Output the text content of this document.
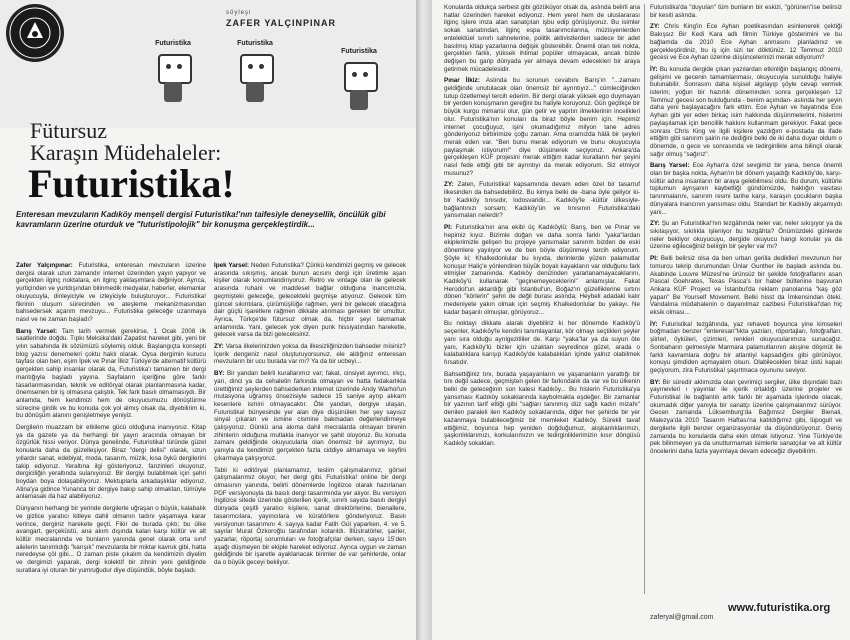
söyleşi
ZAFER YALÇINPINAR
Futuristika	Futuristika
Futuristika
Fütursuz
Karaşın Müdehaleler:
Futuristika!

Enteresan mevzuların Kadıköy menşeli dergisi Futuristika!'nın taifesiyle deneysellik, öncülük gibi kavramların üzerine oturduk ve "futuristipolojik" bir konuşma gerçekleştirdik...

Zafer Yalçınpınar: Futuristika, enteresan mevzuların üzerine dergisi olarak uzun zamandır internet üzerinden yayın yapıyor ve gerçekten ilginç noktalara, en ilginç yaklaşımlara değiniyor. Ayrıca, yurtiçinden ve yurtdışından bilinmedik medyalar, haberler, elemanlar okuyucuyla, dinleyiciyle ve izleyiciyle buluşturuyor... Futuristika! fikrinin oluşum sürecinden ve ateşleme mekanizmasından bahsedersek açarım mevzuyu... Futuristika geleceğe uzanmaya nasıl ve ne zaman başladı?

Barış Yarsel: Tam tarih vermek gerekirse, 1 Ocak 2008 ilk saatlerinde doğdu. Tıpkı Meksika'daki Zapatist hareket gibi, yeni bir yılın sabahında ilk sözümüzü söylemiş olduk. Başlangıçta konsepti blog yazısı denemeleri çoktu haklı olarak. Oysa dergimin kurucu tayfası olan ben, eşim İpek ve Pınar İlkiz Türkiye'de alternatif kültürü gerçekten sahip insanlar olarak da, Futuristika'ı tamamen bir dergi mantığıyla başladı yayına. Sayfaların içeriğine göre farklı tasarlanmasından, teknik ve editöryal olarak planlanmasına kadar, önemsenen bir iş olmasına çalıştık. Tek fark basılı olmamasıydı. Bir anlamda, hem kendimizi hem de okuyucumuzu dönüştürme sürecine girdik ve bu konuda çok yol almış olsak da, diyebilirim ki, bu dönüşüm alanını genişletmeye yeniyiz.

Dergilerin muazzam bir etkileme gücü olduğuna inanıyoruz. Kitap ya da gazete ya da herhangi bir yayın aracında olmayan bir özgürlük hissi veriyor. Dünya genelinde, Futuristika! türünde güzel konularla daha da güzelleşiyor. Biraz "dergi delisi" olarak, uzun yıllardır sanat, edebiyat, moda, tasarım, müzik, kısa öykü dergilerini takip ediyoruz. Yeraltına ilgi gösteriyoruz, fanzinleri okuyoruz, dergiciliğin yeraltında sulanıyoruz. Bir dergiyi bulabilmek için şehri boydan boya dolaşabiliyoruz. Mektuplarla arkadaşlıklar ediyoruz, Atina'ya gidince Yunanca bir dergiye bakıp sahip olmaktan, tümüyle anlamasak da haz alabiliyoruz.

Dünyanın herhangi bir yerinde dergilerle uğraşan o büyük, kalabalık ve gizlice yaratıcı kitleye dahil olmanın tadını yaşamaya karar verince, derginiz harekete geçti. Fikir de burada çıktı; bu ülke avangart, gerçeküstü, ana akım dışında kalan karşı kültür ve alt kültür mecralarında ve bunların yanında genel olarak orta sınıf ailelerin tanımlıdığı "karışık" mevzularda bir miktar kavruk gibi, hatta neredeyse çöl gibi... O zaman piste çıkalım da kendimizin diyelim ve dergimizi yaparak, dergi kolektif bir zihnin yeni geldiğinde suratlara iyi oturan bir yumruğudur diye düşündük, böyle başladı.

İpek Yarsel: Neden Futuristika? Çünkü kendimizi geçmiş ve gelecek arasında sıkışmış, ancak bunun acısını dergi için üretimle aşan kişiler olarak konumlandırıyoruz. Retro ve vintage olan ile gelecek arasında ruhani ve maddesel bağlar olduğuna inancımızla, geçmişteki geleceğe, gelecekteki geçmişe atıyoruz. Gelecek tüm güncel sıkıntılara, çürümüşlüğe rağmen, yeni bir gelecek olacağına dair güçlü işaretlere rağmen dikkate alınması gereken bir umuttur. Ayrıca, Türkçe'de fütursuz olmak da, hiçbir şeyi takmamak anlamında. Yani, gelecek yok diyen punk hissiyatından hareketle, gelecek varsa da bizi geleceksiniz.

ZY: Varsa ilkelerinizden yoksa da ilkesizliğinizden bahseder misiniz? İçerik dengeniz nasıl oluşturuyorsunuz, ele aldığınız enteresan mevzuların bir ucu burada var mı? Ya da bir ucbeyi...

BY: Bir yandan belirli kurallarımız var; fakat, cinsiyet ayrımcı, ırkçı, yarı, dinci ya da cehaletin farkında olmayan ve hatta fedakarlıkla ürettiğimiz şeylerden bahsederken internet üzerinde Andy Warhol'un mutasyona uğramış önsezisiyle sadece 15 saniye ayrıp alıkarn kesenlere ismini olmayacaktır. Öte yandan, dergiye ulaşan, Futuristika! bünyesinde yer alan diye düşünülen her şey sayısız sinyal çıkaran ve ismine cismine bakmadan değerlendirmeye çalışıyoruz. Günkü ana akıma dahil mecralarda olmayan birenin zihinlerin olduğuna mutlakla inanıyor ve şahit oluyoruz. Bu konuda zamanı geldiğinde okuyucularla olan önemsiz bir ayrımıyız, bu yanıyla da kendimizi gerçekten fazla ciddiye almamaya ve keyfini çıkarmaya çalışıyoruz.

Tabii ki editöryal planlamamız, teslim çalışmalarımız, görsel çalışmalarımız oluyor, her dergi gibi. Futuristika! online bir dergi olmasının yanında, belirli dönemlerde İngilizce olarak hazırlanan PDF versiyonuyla da basılı dergi tasarımında yer alıyor. Bu versiyon İngilizce sitede üzerinde gösterilen içerik, sınırlı sayıda basılı dergiyi dünyada çeşitli yaratıcı kişilere, sanat direktörlerine, bienallere, tasarımcılara, yayıncılara ve küratörlere gönderiyoruz. Basılı versiyonun tasarımını 4. sayıya kadar Fatih Gül yaparken, 4. ve 5. sayılar Murat Özkoroğlu tarafından kotarıldı. İllüstratörler, şairler, yazarlar, röportaj sorumluları ve fotoğrafçılar derken, sayısı 15'den aşağı düşmeyen bir ekiple hareket ediyoruz. Ayrıca uygun ve zaman geldiğinde bir işaretle ayaklanacak birimler de var şehirlerde, onlar da o büyük geceyi bekliyor.

Konularda oldukça serbest gibi gözüküyor olsak da, aslında belirli ana hatlar üzerinden hareket ediyoruz. Hem yerel hem de uluslararası ilginç işlere imza atan sanatçıları işbu edip görüşüyoruz. Bu isimler sokak sanatından, ilginç espa tasarımcılarına, müzisyenlerden entelektüel sınırlı sahnelerine, politik aktivistlerden sadece bir adet basılmış kitap yazarlarına değişik gösterebilir. Önemli olan tek nokta, gerçekten farklı, yüksek ihtimal popüler olmayacak, ancak bizde değişen bu garip dünyada yer almaya devam edecekleri bir araya getirmek mücadelesidir.

Pınar İlkiz: Aslında bu sorunun cevabını Barış'ın "...zamanı geldiğinde unutulacak olan önemsiz bir ayrıntıyız..." cümleciğinden tutup özetlemeyi tercih ederim. Bir dergi olarak yüksek ego duymayan bir yerden konuşmanın gereğini bu haliyle koruyoruz. Gün geçtikçe bir büyük kurgu mimarisi olur, gün gelir ve yapıtın ilmeklerinin incelikleri olur. Futuristika'nın konuları da biraz böyle benim için. Hepimiz internet çocuğuyuz, işini okumadığımız milyon tane adres gönderiyoruz birbirimize çoğu zaman. Ama oramızda hâlâ bir şeyleri merak eden var. "Ben bunu merak ediyorum ve bunu okuyucuyla paylaşmak istiyorum!" diye düşünerek seçiyoruz. Ankara'da gerçekleşen KÜF projesini merak ettiğim kadar kuralların her şeyini nasıl fede ettiği gibi bir ayrıntıyı da merak ediyorum. Siz etmiyor musunuz?

ZY: Zaten, Futuristika! kapsamında devam eden özel bir tasarruf ilkesinden da bahsedebiliriz. Bu kimya belki de -bana öyle geliyor ki- bir Kadıköy tınısıdır, lodosvaridir... Kadıköy'le -kültür ülkesiyle- bağlantınızı sorsam; Kadıköy'ün ve tınısının Futuristika'daki yansımaları nelerdir?

PI: Futuristika'nın ana ekibi üç Kadıköylü; Barış, ben ve Pınar ve hepimiz kıyız. Bizimle doğan ve daha sonra farklı "yaka"lardan ekiplerimizle gelişen bu projeye yansımalar sanırım bizden de eski dönemlere yayılıyor ve de ben böyle düşünmeyi tercih ediyorum. Şöyle ki; Khalkedonlular bu kıyıda, derinlerde yüzen palamutlar konuşur Haliç'e yönlendiren büyük boyalı kayakların var olduğunu fark etmişler zamanında. Kadıköy denizinden yararlanamayacaklarını, Kadıköy'ü kullanarak "geçinemeyeceklerini" anlamışlar. Fakat Herodot'un aktardığı gibi İstanbul'un, Boğaz'ın güzelliklerine sırtını dönen "körlerin" şehri de değil burası aslında; Heybeli adadaki kalır medeniyete yakın olmak için seçmiş Khalkedonlular bu yakayı. Ne kadar başarılı olmuşlar, görüyoruz...

Bu noktayı dikkate alarak diyebiliriz ki her dönemde Kadıköy'ü seçenler, Kadıköy'le kendini tanımlayanlar, kör olmayı seçtikleri şeyler yanı sıra olduğu ayrılgezitliler de. Karşı "yaka"lar ya da suyun öte yanı, Kadıköy'lü bizler için uzaktan seyredince güzel, arada o kalabalıklara karışıp Kadıköy'de kalabalıkları içinde yalnız olabilmek fırsatıdır.

Bahsettiğiniz tını, burada yaşayanların ve yaşananların yarattığı bir tını değil sadece, geçmişten gelen bir farkındalık da var ve bu ülkenin belki de geleceğinin son kalesi Kadıköy... Bu hislerin Futuristika'ya yansıması Kadıköy sokaklarında kaybolmakla eşdeğer. Bir zamanlar bir yazının tarif ettiği gibi "sağları tanınmış düz sağlı kadın mizahı" denilen paraleli ilen Kadıköy sokaklarında, diğer her şehirde bir yer kazanmaya bulabileceğimiz bir memleket Kadıköy. Sürekli tavaf ettiğimiz, boyunca hep yeniden doğduğumuz, alışkanlıklarımızı, şaşkınlıklarımızı, korkularımızın ve tedirginliklerimizin kısır döngüsü Kadıköy sokakları.

Futuristika'da "duyulan" tüm bunların bir eskizi, "görünen"ise belirsiz bir kesiti aslında.

ZY: Chris King'in Ece Ayhan poetikasından esinlenerek çektiği Bakışsız Bir Kedi Kara adlı filmin Türkiye gösterimini ve bu bağlamda da 2010 Ece Ayhan anmasını planladınız ve gerçekleştirdiniz, bu iş için sizi ter döktünüz. 12 Temmuz 2010 gecesi ve Ece Ayhan üzerine düşüncelerinizi merak ediyorum?

İY: Bu konuda dergide çıkan yazılardan etkinliğin başlangıç dönemi, gelişimi ve gecenin tamamlanması, okuyucuyla sunulduğu haliyle bulunabilir. Sonrasını daha kişisel algılayıp şöyle cevap vermek isterim; yoğun bir hazırlık döneminden sonra gerçekleşen 12 Temmuz gecesi son bulduğunda - benim açımdan- aslında her şeyin daha yeni başlayacağını fark ettim. Ece Ayhan ve hayatında Ece Ayhan gibi yer eden birkaç isim hakkında düşünmelerimi, hislerimi paylaşılamak için bencillik hakkını kullanmam gerekiyor. Fakat gece sonrası Chris King ve ilgili kişilere yazdığım e-postada da ifade ettiğim gibi sanırım şairin ne dediğini belki de iki daha duyar oldum o dönemde, o gece ve sonrasında ve tedirginlikle ama bilinçli olarak sağır olmuş "sağırız".

Barış Yarsel: Ece Ayhan'a özel sevgimiz bir yana, bence önemli olan bir başka nokta, Ayhan'ın bir dönem yaşadığı Kadıköy'de, karşı-kültür adına insanların bir araya gelebilmesi oldu. Bu durum, kültürle toplumun ayrışanın kaybettiği gündümüzde, haklığın vasıtası tanınmalarını, sanırım resmi tarihe karşı, karaşın çocukların başka dünyalara inancının yansıması oldu. Standart bir Kadıköy akşamıydı yani...

ZY: Şu an Futuristika!'nın tezgâhında neler var, neler sıkışıyor ya da sıkılaşıyor, sıkılıkla işleniyor bu tezgâhta? Önümüzdeki günlerde neler bekliyor okuyucuyu, dergide okuyucu hangi konular ya da üzerine eğileceğiniz belirgin bir şeyler var mı?

PI: Belli belirsiz olsa da ben urban gerilla dediklleri mevzunun her tomurcu tekrip durumundan Ünlar Gunther ile başladı aslında bu. Akabinde Louvre Müzesi'ne ürünsüz bir şekilde fotoğraflarını asan Pascal Goehrates, Texas Pasca's bir haber bültenine başvuran Ankara KÜF Project ve İstanbul'da reklam panolarına "kaş göz yapan" Be Yourself Movement. Belki hisst da İmkensindan öteki. Vandalına müdahalenin o dayanılmaz cazibesi Futuristika!'dan hiç eksik olması...

İY: Futuristika! tezgâhında, yaz rehaveti boyunca yine kimseleri boğmadan benzer "enteresan"lıkta yazıları, röportajları, fotoğrafları, şiirleri, öyküleri, çizimleri, renkleri okuyucularımıza sunacağız. Sonbaharın gelmesiyle Marmara palamutlarının akışine döşmüt ile farklı kavramlara doğru bir atlantiyi kapsadığını gibi görünüyor, konuyu şimdiden açmayalım olsun. Olabileceklerı biraz üstü kapalı geçiyorum, zira Futuristika! şaşırtmaca oyununu seviyor.

BY: Bir süredir aklımızda olan çevrimiçi sergiler, ülke dışındaki bazı yayınevleri ı yayınlar ile içerik ortaklığı üzerine projeler ve Futuristika! ile bağlantılı artık farklı bir aşamada işlerinde olacak, okumadık diğer yanıyla bir sanatçı üzerine çalışmalarımız sürüyor. Gecen zamanda Lüksemburg'da Bağımsız Dergiler Bienali, Malezya'da 2010 Tasarım Haftası'na katıldığımız gibi, lüpogull ve dergilerle ilgili benzer organizasyonlar da düşündürüyoruz. Geniş zamanda bu konularda daha ekin olmak istiyoruz. Yine Türkiye'de pek bilinmeyen ya da unutturmamalı isimlerle sanatçılar ve alt kültür öncelerini daha fazla yayımlaya devam edeceğiz diyebilirim.

zaferyal@gmail.com
www.futuristika.org
